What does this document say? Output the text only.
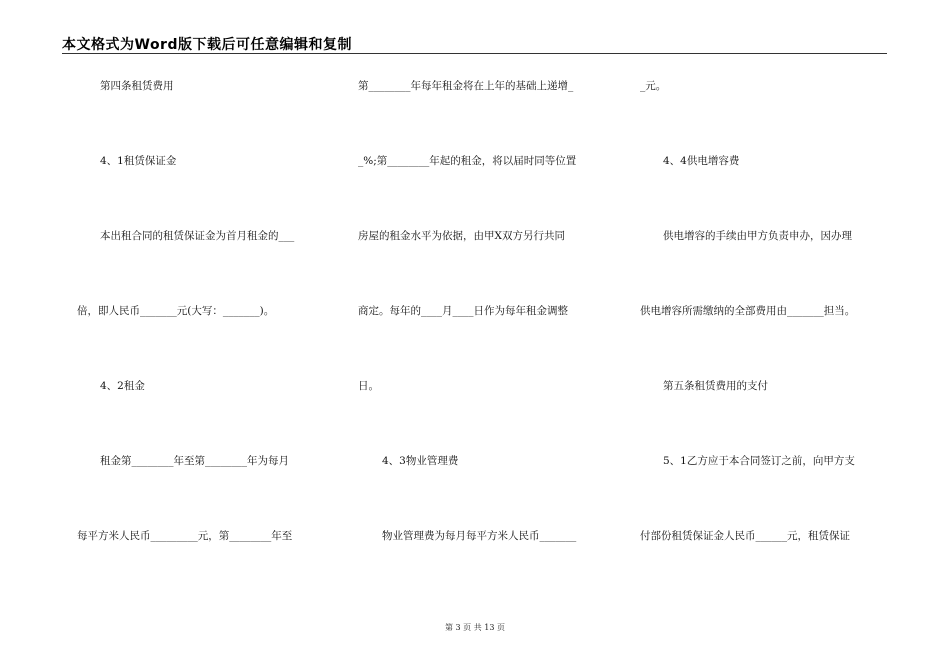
本文格式为Word版下载后可任意编辑和复制
第四条租赁费用
4、1租赁保证金
本出租合同的租赁保证金为首月租金的___
倍，即人民币_______元(大写：_______)。
4、2租金
租金第________年至第________年为每月
每平方米人民币_________元，第________年至
第________年每年租金将在上年的基础上递增_
_%;第________年起的租金，将以届时同等位置
房屋的租金水平为依据，由甲X双方另行共同
商定。每年的____月____日作为每年租金调整
日。
4、3物业管理费
物业管理费为每月每平方米人民币_______
_元。
4、4供电增容费
供电增容的手续由甲方负责申办，因办理
供电增容所需缴纳的全部费用由_______担当。
第五条租赁费用的支付
5、1乙方应于本合同签订之前，向甲方支
付部份租赁保证金人民币______元，租赁保证
第 3 页 共 13 页
